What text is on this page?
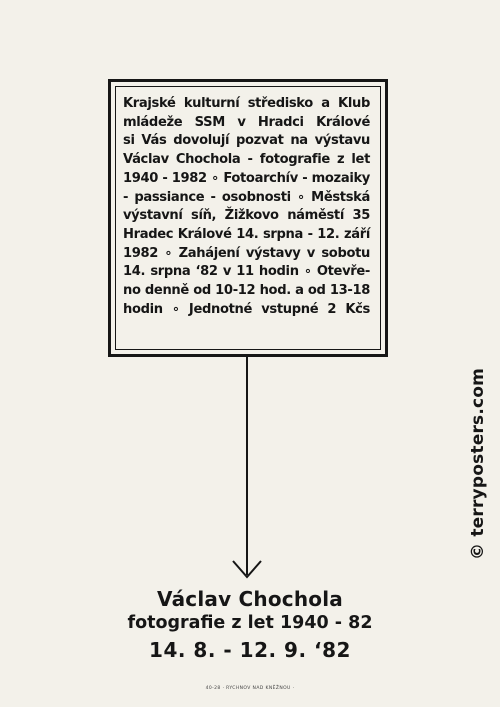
Krajské kulturní středisko a Klub
mládeže SSM v Hradci Králové
si Vás dovolují pozvat na výstavu
Václav Chochola - fotografie z let
1940 - 1982 ∘ Fotoarchív - mozaiky
- passiance - osobnosti ∘ Městská
výstavní síň, Žižkovo náměstí 35
Hradec Králové 14. srpna - 12. září
1982 ∘ Zahájení výstavy v sobotu
14. srpna ‘82 v 11 hodin ∘ Otevře-
no denně od 10-12 hod. a od 13-18
hodin ∘ Jednotné vstupné 2 Kčs
Václav Chochola
fotografie z let 1940 - 82
14. 8. - 12. 9. ‘82
40-28 · RYCHNOV NAD KNĚŽNOU ·
© terryposters.com
